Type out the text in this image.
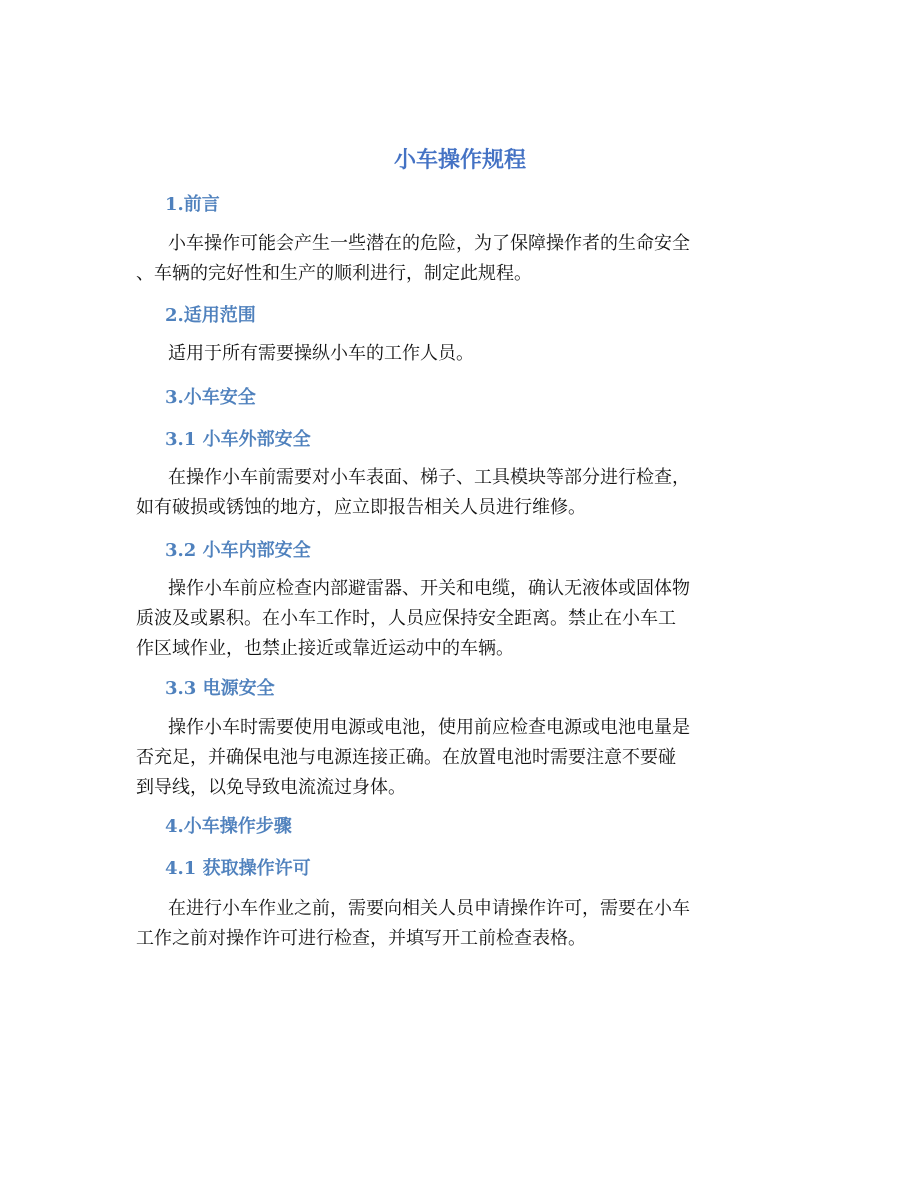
小车操作规程
1.前言
小车操作可能会产生一些潜在的危险，为了保障操作者的生命安全
、车辆的完好性和生产的顺利进行，制定此规程。
2.适用范围
适用于所有需要操纵小车的工作人员。
3.小车安全
3.1 小车外部安全
在操作小车前需要对小车表面、梯子、工具模块等部分进行检查，
如有破损或锈蚀的地方，应立即报告相关人员进行维修。
3.2 小车内部安全
操作小车前应检查内部避雷器、开关和电缆，确认无液体或固体物
质波及或累积。在小车工作时，人员应保持安全距离。禁止在小车工
作区域作业，也禁止接近或靠近运动中的车辆。
3.3 电源安全
操作小车时需要使用电源或电池，使用前应检查电源或电池电量是
否充足，并确保电池与电源连接正确。在放置电池时需要注意不要碰
到导线，以免导致电流流过身体。
4.小车操作步骤
4.1 获取操作许可
在进行小车作业之前，需要向相关人员申请操作许可，需要在小车
工作之前对操作许可进行检查，并填写开工前检查表格。
